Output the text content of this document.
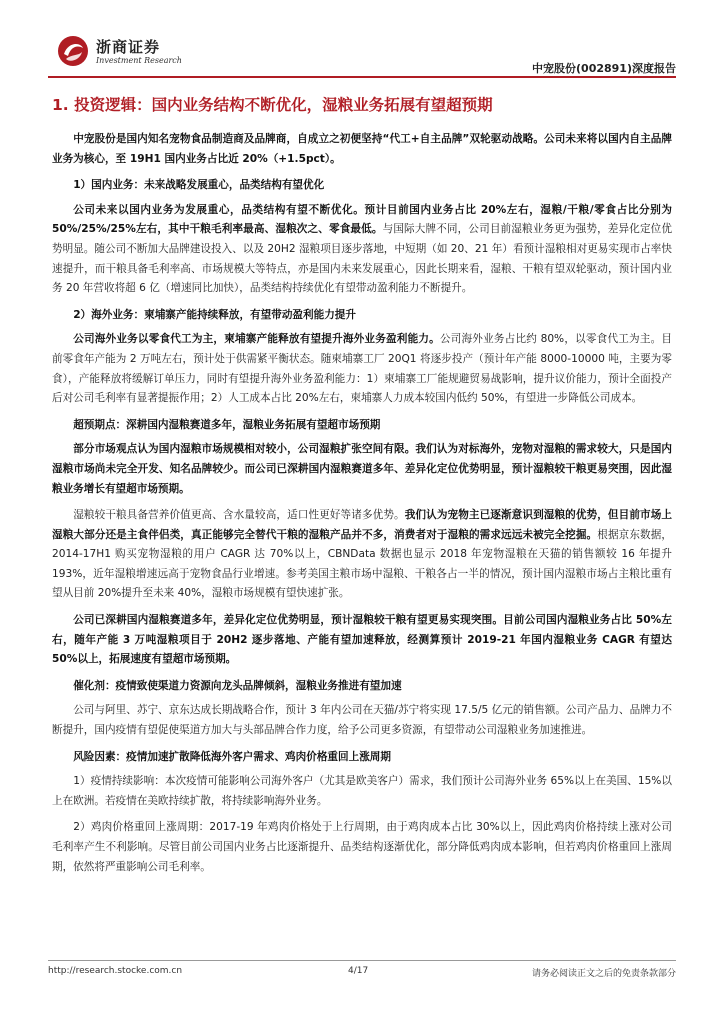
浙商证券
Investment Research
中宠股份(002891)深度报告
1. 投资逻辑：国内业务结构不断优化，湿粮业务拓展有望超预期

中宠股份是国内知名宠物食品制造商及品牌商，自成立之初便坚持“代工+自主品牌”双轮驱动战略。公司未来将以国内自主品牌业务为核心，至 19H1 国内业务占比近 20%（+1.5pct）。

1）国内业务：未来战略发展重心，品类结构有望优化

公司未来以国内业务为发展重心，品类结构有望不断优化。预计目前国内业务占比 20%左右，湿粮/干粮/零食占比分别为 50%/25%/25%左右，其中干粮毛利率最高、湿粮次之、零食最低。与国际大牌不同，公司目前湿粮业务更为强势，差异化定位优势明显。随公司不断加大品牌建设投入、以及 20H2 湿粮项目逐步落地，中短期（如 20、21 年）看预计湿粮相对更易实现市占率快速提升，而干粮具备毛利率高、市场规模大等特点，亦是国内未来发展重心，因此长期来看，湿粮、干粮有望双轮驱动，预计国内业务 20 年营收将超 6 亿（增速同比加快），品类结构持续优化有望带动盈利能力不断提升。

2）海外业务：柬埔寨产能持续释放，有望带动盈利能力提升

公司海外业务以零食代工为主，柬埔寨产能释放有望提升海外业务盈利能力。公司海外业务占比约 80%，以零食代工为主。目前零食年产能为 2 万吨左右，预计处于供需紧平衡状态。随柬埔寨工厂 20Q1 将逐步投产（预计年产能 8000-10000 吨，主要为零食），产能释放将缓解订单压力，同时有望提升海外业务盈利能力：1）柬埔寨工厂能规避贸易战影响，提升议价能力，预计全面投产后对公司毛利率有显著提振作用；2）人工成本占比 20%左右，柬埔寨人力成本较国内低约 50%，有望进一步降低公司成本。

超预期点：深耕国内湿粮赛道多年，湿粮业务拓展有望超市场预期

部分市场观点认为国内湿粮市场规模相对较小，公司湿粮扩张空间有限。我们认为对标海外，宠物对湿粮的需求较大，只是国内湿粮市场尚未完全开发、知名品牌较少。而公司已深耕国内湿粮赛道多年、差异化定位优势明显，预计湿粮较干粮更易突围，因此湿粮业务增长有望超市场预期。

湿粮较干粮具备营养价值更高、含水量较高，适口性更好等诸多优势。我们认为宠物主已逐渐意识到湿粮的优势，但目前市场上湿粮大部分还是主食伴侣类，真正能够完全替代干粮的湿粮产品并不多，消费者对于湿粮的需求远远未被完全挖掘。根据京东数据，2014-17H1 购买宠物湿粮的用户 CAGR 达 70%以上，CBNData 数据也显示 2018 年宠物湿粮在天猫的销售额较 16 年提升 193%，近年湿粮增速远高于宠物食品行业增速。参考美国主粮市场中湿粮、干粮各占一半的情况，预计国内湿粮市场占主粮比重有望从目前 20%提升至未来 40%，湿粮市场规模有望快速扩张。

公司已深耕国内湿粮赛道多年，差异化定位优势明显，预计湿粮较干粮有望更易实现突围。目前公司国内湿粮业务占比 50%左右，随年产能 3 万吨湿粮项目于 20H2 逐步落地、产能有望加速释放，经测算预计 2019-21 年国内湿粮业务 CAGR 有望达 50%以上，拓展速度有望超市场预期。

催化剂：疫情致使渠道力资源向龙头品牌倾斜，湿粮业务推进有望加速

公司与阿里、苏宁、京东达成长期战略合作，预计 3 年内公司在天猫/苏宁将实现 17.5/5 亿元的销售额。公司产品力、品牌力不断提升，国内疫情有望促使渠道方加大与头部品牌合作力度，给予公司更多资源，有望带动公司湿粮业务加速推进。

风险因素：疫情加速扩散降低海外客户需求、鸡肉价格重回上涨周期

1）疫情持续影响：本次疫情可能影响公司海外客户（尤其是欧美客户）需求，我们预计公司海外业务 65%以上在美国、15%以上在欧洲。若疫情在美欧持续扩散，将持续影响海外业务。

2）鸡肉价格重回上涨周期：2017-19 年鸡肉价格处于上行周期，由于鸡肉成本占比 30%以上，因此鸡肉价格持续上涨对公司毛利率产生不利影响。尽管目前公司国内业务占比逐渐提升、品类结构逐渐优化，部分降低鸡肉成本影响，但若鸡肉价格重回上涨周期，依然将严重影响公司毛利率。

http://research.stocke.com.cn	4/17	请务必阅读正文之后的免责条款部分
